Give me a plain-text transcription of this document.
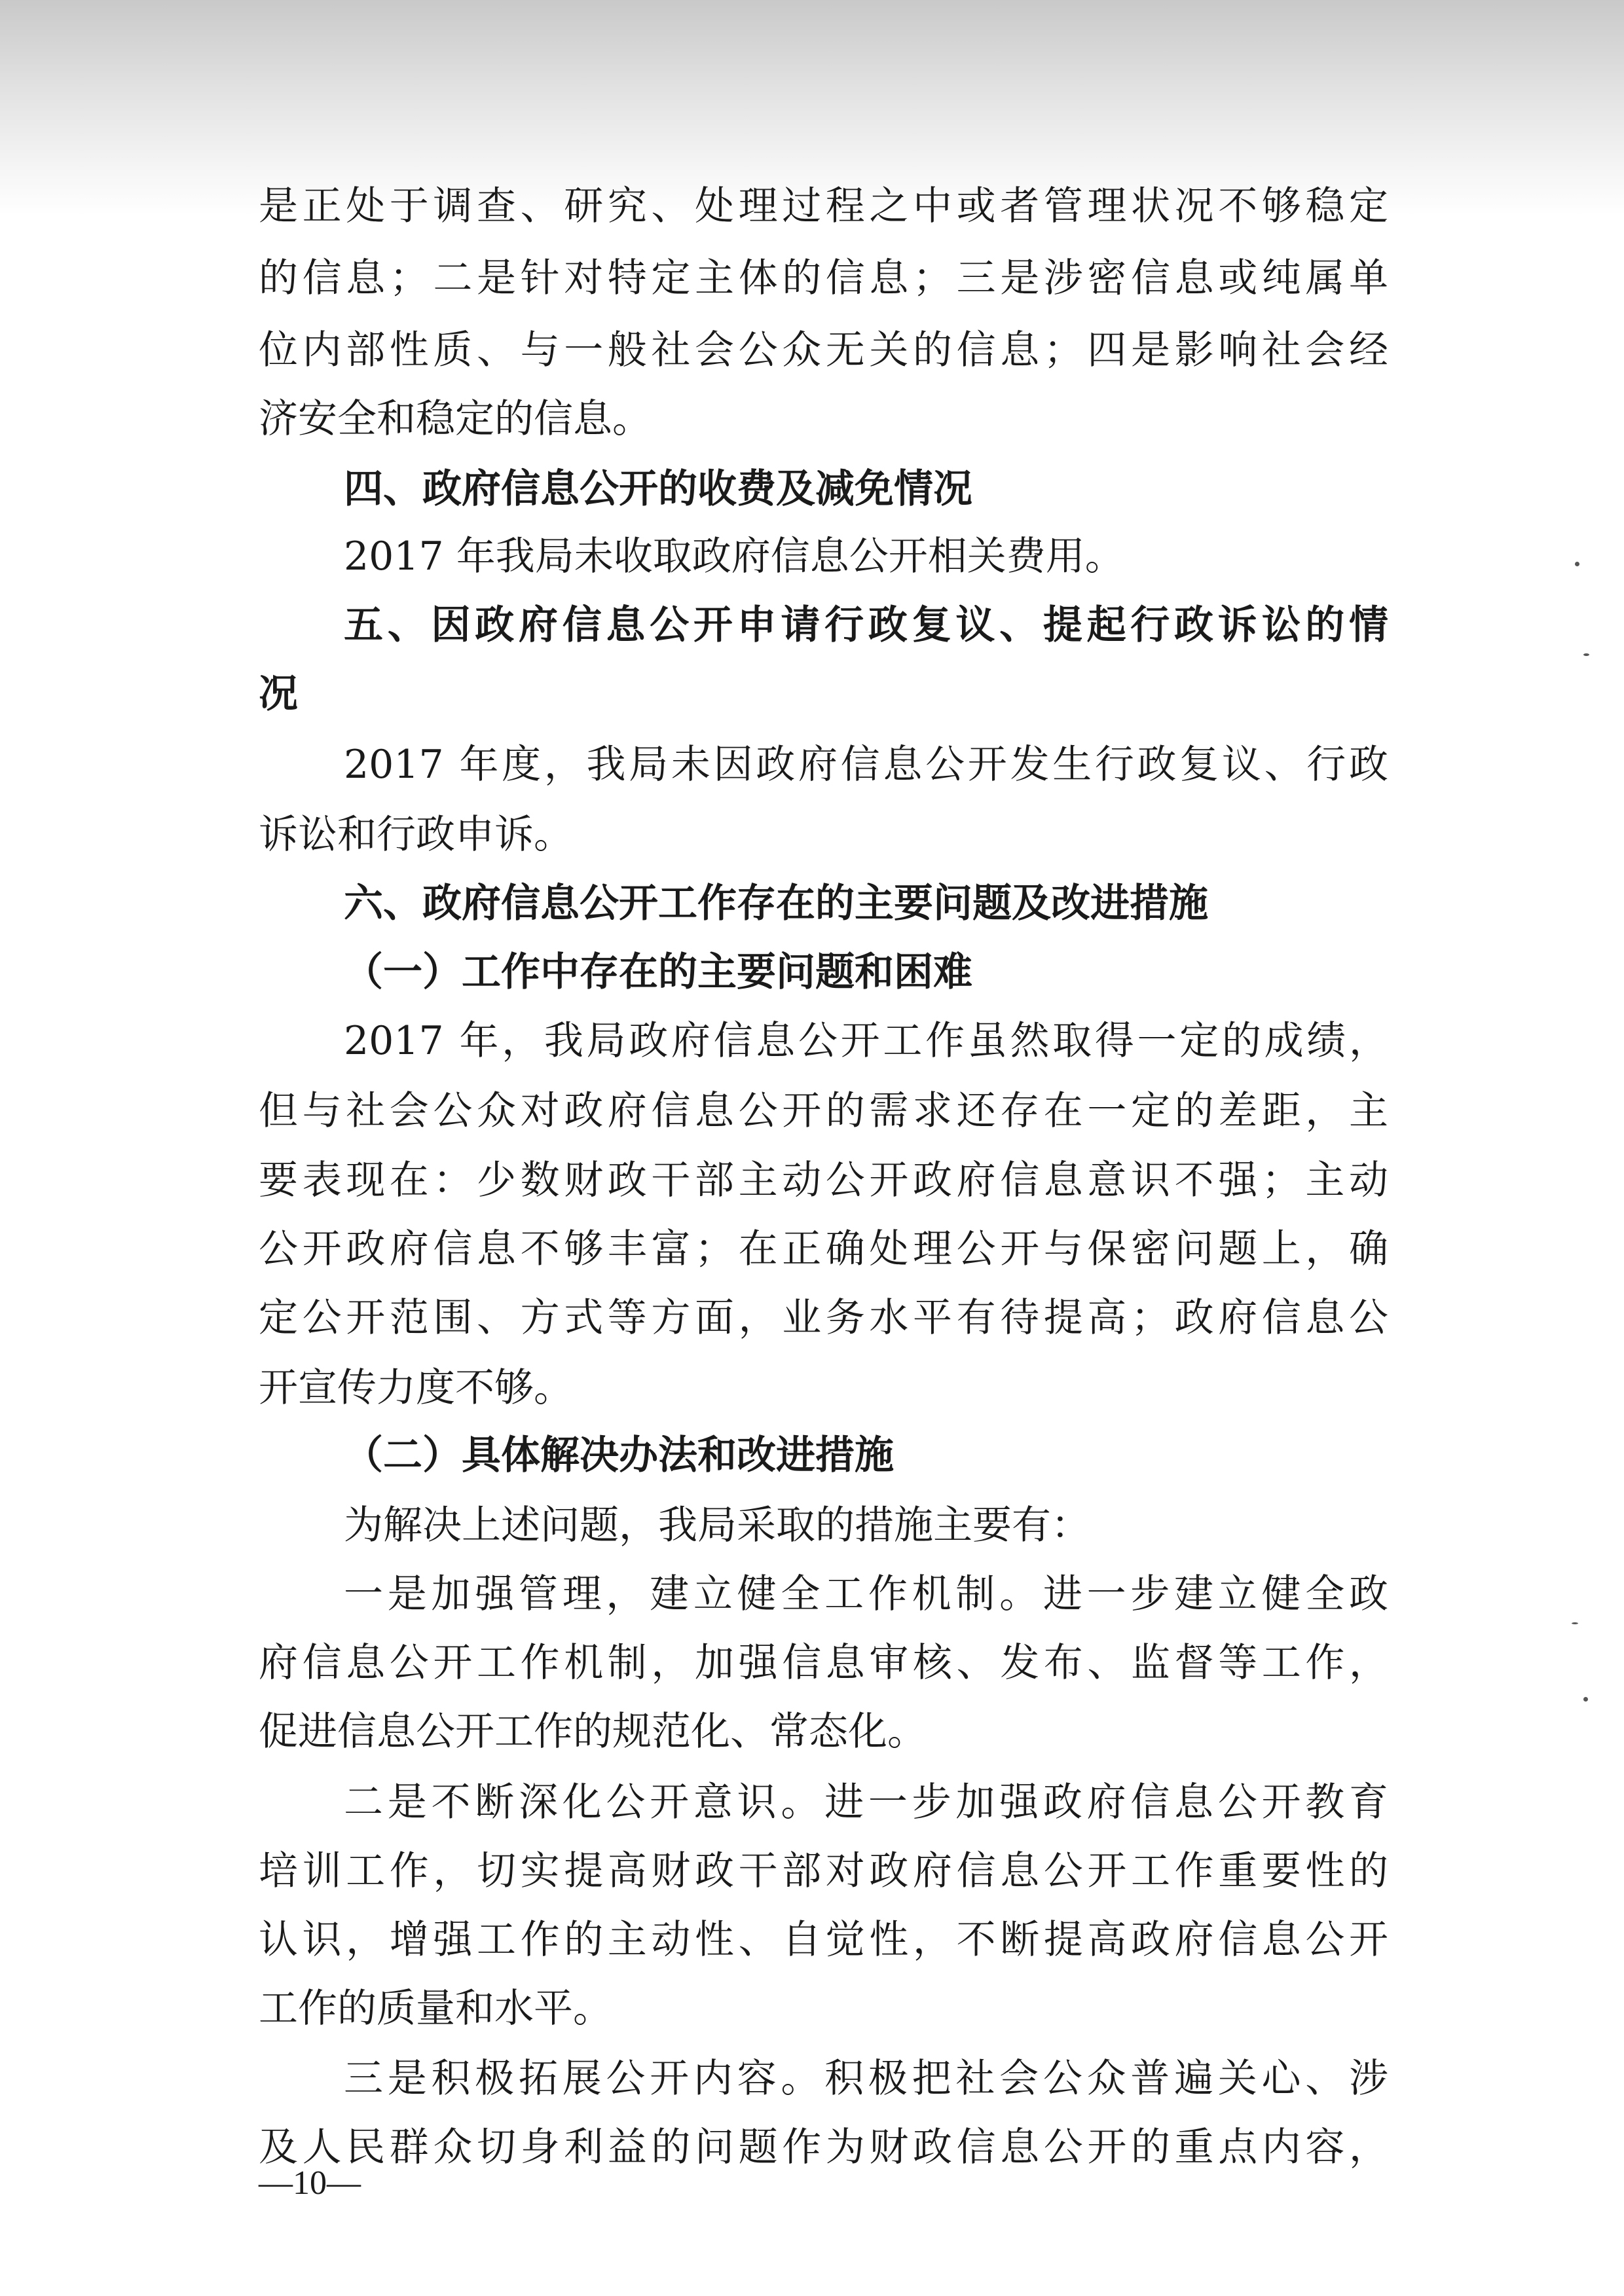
是正处于调查、研究、处理过程之中或者管理状况不够稳定
的信息；二是针对特定主体的信息；三是涉密信息或纯属单
位内部性质、与一般社会公众无关的信息；四是影响社会经
济安全和稳定的信息。
四、政府信息公开的收费及减免情况
2017 年我局未收取政府信息公开相关费用。
五、因政府信息公开申请行政复议、提起行政诉讼的情
况
2017 年度，我局未因政府信息公开发生行政复议、行政
诉讼和行政申诉。
六、政府信息公开工作存在的主要问题及改进措施
（一）工作中存在的主要问题和困难
2017 年，我局政府信息公开工作虽然取得一定的成绩，
但与社会公众对政府信息公开的需求还存在一定的差距，主
要表现在：少数财政干部主动公开政府信息意识不强；主动
公开政府信息不够丰富；在正确处理公开与保密问题上，确
定公开范围、方式等方面，业务水平有待提高；政府信息公
开宣传力度不够。
（二）具体解决办法和改进措施
为解决上述问题，我局采取的措施主要有：
一是加强管理，建立健全工作机制。进一步建立健全政
府信息公开工作机制，加强信息审核、发布、监督等工作，
促进信息公开工作的规范化、常态化。
二是不断深化公开意识。进一步加强政府信息公开教育
培训工作，切实提高财政干部对政府信息公开工作重要性的
认识，增强工作的主动性、自觉性，不断提高政府信息公开
工作的质量和水平。
三是积极拓展公开内容。积极把社会公众普遍关心、涉
及人民群众切身利益的问题作为财政信息公开的重点内容，
—10—
